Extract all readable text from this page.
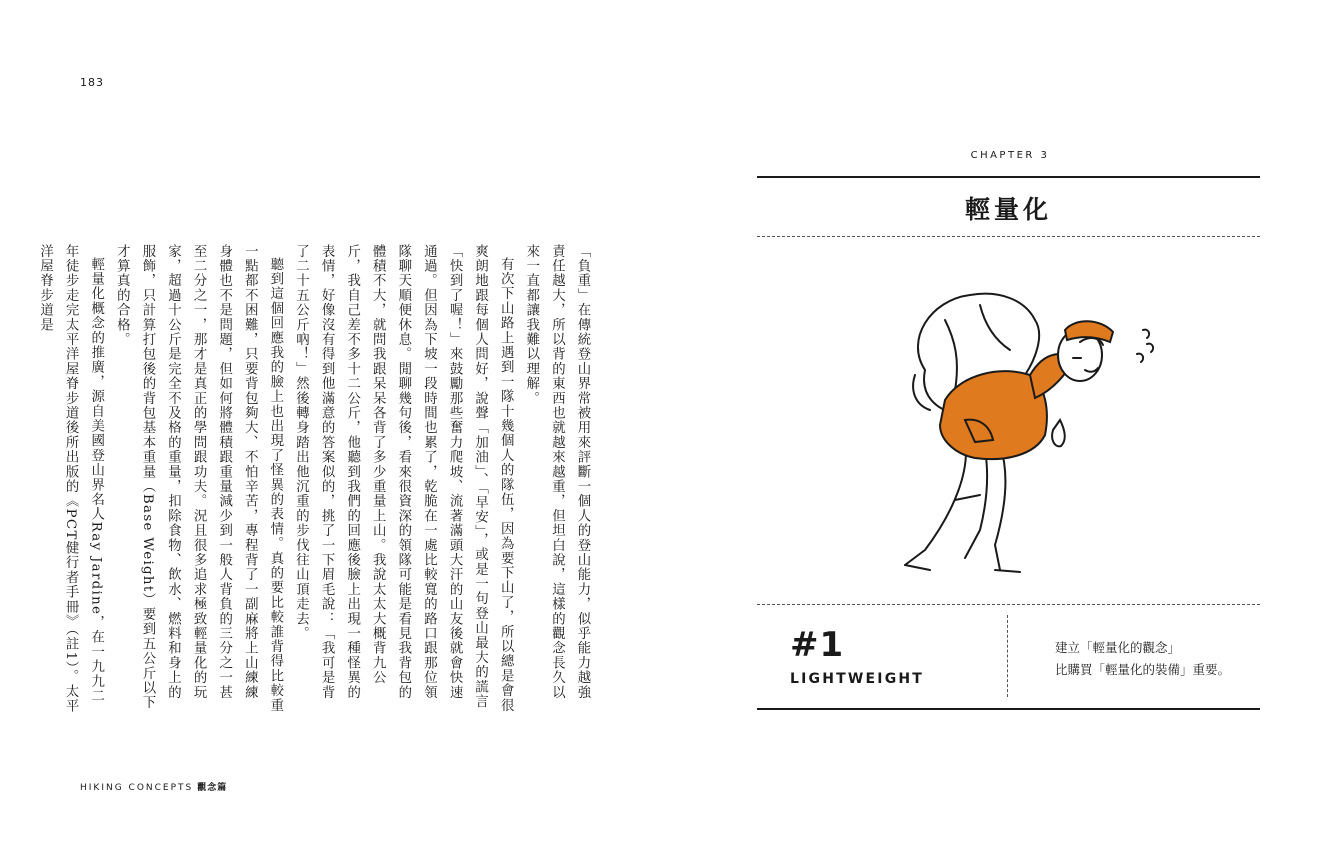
183

「負重」在傳統登山界常被用來評斷一個人的登山能力，似乎能力越強責任越大，所以背的東西也就越來越重，但坦白說，這樣的觀念長久以來一直都讓我難以理解。

有次下山路上遇到一隊十幾個人的隊伍，因為要下山了，所以總是會很爽朗地跟每個人問好，說聲「加油」、「早安」，或是一句登山最大的謊言「快到了喔！」來鼓勵那些奮力爬坡、流著滿頭大汗的山友後就會快速通過。但因為下坡一段時間也累了，乾脆在一處比較寬的路口跟那位領隊聊天順便休息。閒聊幾句後，看來很資深的領隊可能是看見我背包的體積不大，就問我跟呆呆各背了多少重量上山。我說太太大概背九公斤，我自己差不多十二公斤，他聽到我們的回應後臉上出現一種怪異的表情，好像沒有得到他滿意的答案似的，挑了一下眉毛說：「我可是背了二十五公斤吶！」然後轉身踏出他沉重的步伐往山頂走去。

聽到這個回應我的臉上也出現了怪異的表情。真的要比較誰背得比較重一點都不困難，只要背包夠大、不怕辛苦，專程背了一副麻將上山練練身體也不是問題，但如何將體積跟重量減少到一般人背負的三分之一甚至二分之一，那才是真正的學問跟功夫。況且很多追求極致輕量化的玩家，超過十公斤是完全不及格的重量，扣除食物、飲水、燃料和身上的服飾，只計算打包後的背包基本重量（Base Weight）要到五公斤以下才算真的合格。

輕量化概念的推廣，源自美國登山界名人Ray Jardine，在一九九二年徒步走完太平洋屋脊步道後所出版的《PCT健行者手冊》（註1）。太平洋屋脊步道是

HIKING CONCEPTS 觀念篇
CHAPTER 3
輕量化
#1
LIGHTWEIGHT
建立「輕量化的觀念」
比購買「輕量化的裝備」重要。
